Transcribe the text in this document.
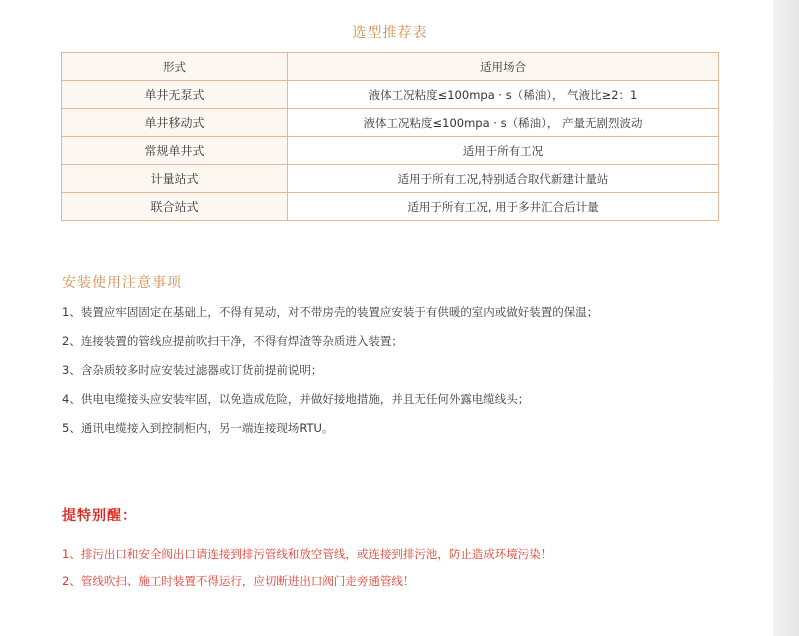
选型推荐表
形式	适用场合
单井无泵式	液体工况粘度≤100mpa · s（稀油）， 气液比≥2：1
单井移动式	液体工况粘度≤100mpa · s（稀油）， 产量无剧烈波动
常规单井式	适用于所有工况
计量站式	适用于所有工况,特别适合取代新建计量站
联合站式	适用于所有工况, 用于多井汇合后计量
安装使用注意事项
1、装置应牢固固定在基础上，不得有晃动，对不带房壳的装置应安装于有供暖的室内或做好装置的保温；
2、连接装置的管线应提前吹扫干净，不得有焊渣等杂质进入装置；
3、含杂质较多时应安装过滤器或订货前提前说明；
4、供电电缆接头应安装牢固，以免造成危险，并做好接地措施，并且无任何外露电缆线头；
5、通讯电缆接入到控制柜内，另一端连接现场RTU。
提特别醒：
1、排污出口和安全阀出口请连接到排污管线和放空管线，或连接到排污池，防止造成环境污染！
2、管线吹扫、施工时装置不得运行，应切断进出口阀门走旁通管线！
